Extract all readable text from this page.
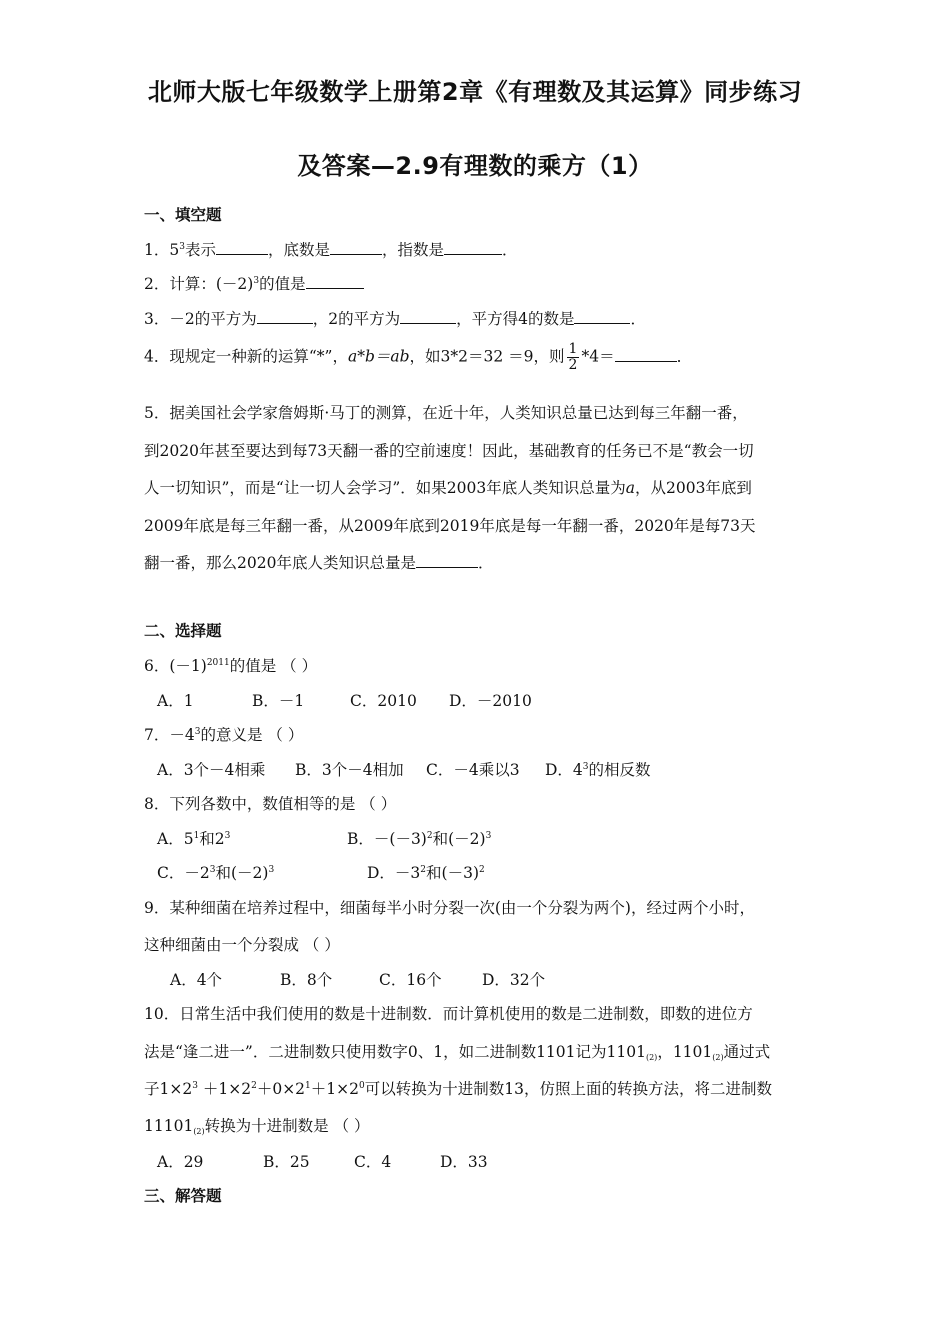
北师大版七年级数学上册第2章《有理数及其运算》同步练习
及答案—2.9有理数的乘方（1）
一、填空题
1．$5^3$表示	，底数是	，指数是	．
2．计算：$(-2)^3$的值是
3．－2的平方为	，2的平方为	，平方得4的数是	．
4．现规定一种新的运算“*”，a*b＝ab，如3*2＝32 ＝9，则 $\frac{1}{2} *4=$	．
5．据美国社会学家詹姆斯·马丁的测算，在近十年，人类知识总量已达到每三年翻一番，
到2020年甚至要达到每73天翻一番的空前速度！因此，基础教育的任务已不是“教会一切
人一切知识”，而是“让一切人会学习”．如果2003年底人类知识总量为a，从2003年底到
2009年底是每三年翻一番，从2009年底到2019年底是每一年翻一番，2020年是每73天
翻一番，那么2020年底人类知识总量是	．
二、选择题
6．$(-1)^{2011}$的值是 （ ）
A．1	B．－1	C．2010 D．－2010
7．$-4^3$的意义是 （ ）
A．3个－4相乘 B．3个－4相加 C．－4乘以3 D．$4^3$的相反数
8．下列各数中，数值相等的是 （ ）
A．$5^1$和$2^3$	B．$-(-3)^2$和$(-2)^3$
C．$-2^3$和$(-2)^3$	D．$-3^2$和$(-3)^2$
9．某种细菌在培养过程中，细菌每半小时分裂一次(由一个分裂为两个)，经过两个小时，
这种细菌由一个分裂成 （ ）
A．4个	B．8个	C．16个	D．32个
10．日常生活中我们使用的数是十进制数．而计算机使用的数是二进制数，即数的进位方
法是“逢二进一”．二进制数只使用数字0、1，如二进制数1101记为$1101_{(2)}$，$1101_{(2)}$通过式
子$1\times 2^3 +1\times 2^2+0\times 2^1+1\times 2^0$可以转换为十进制数13，仿照上面的转换方法，将二进制数
$11101_{(2)}$转换为十进制数是 （ ）
A．29	B．25	C．4	D．33
三、解答题
